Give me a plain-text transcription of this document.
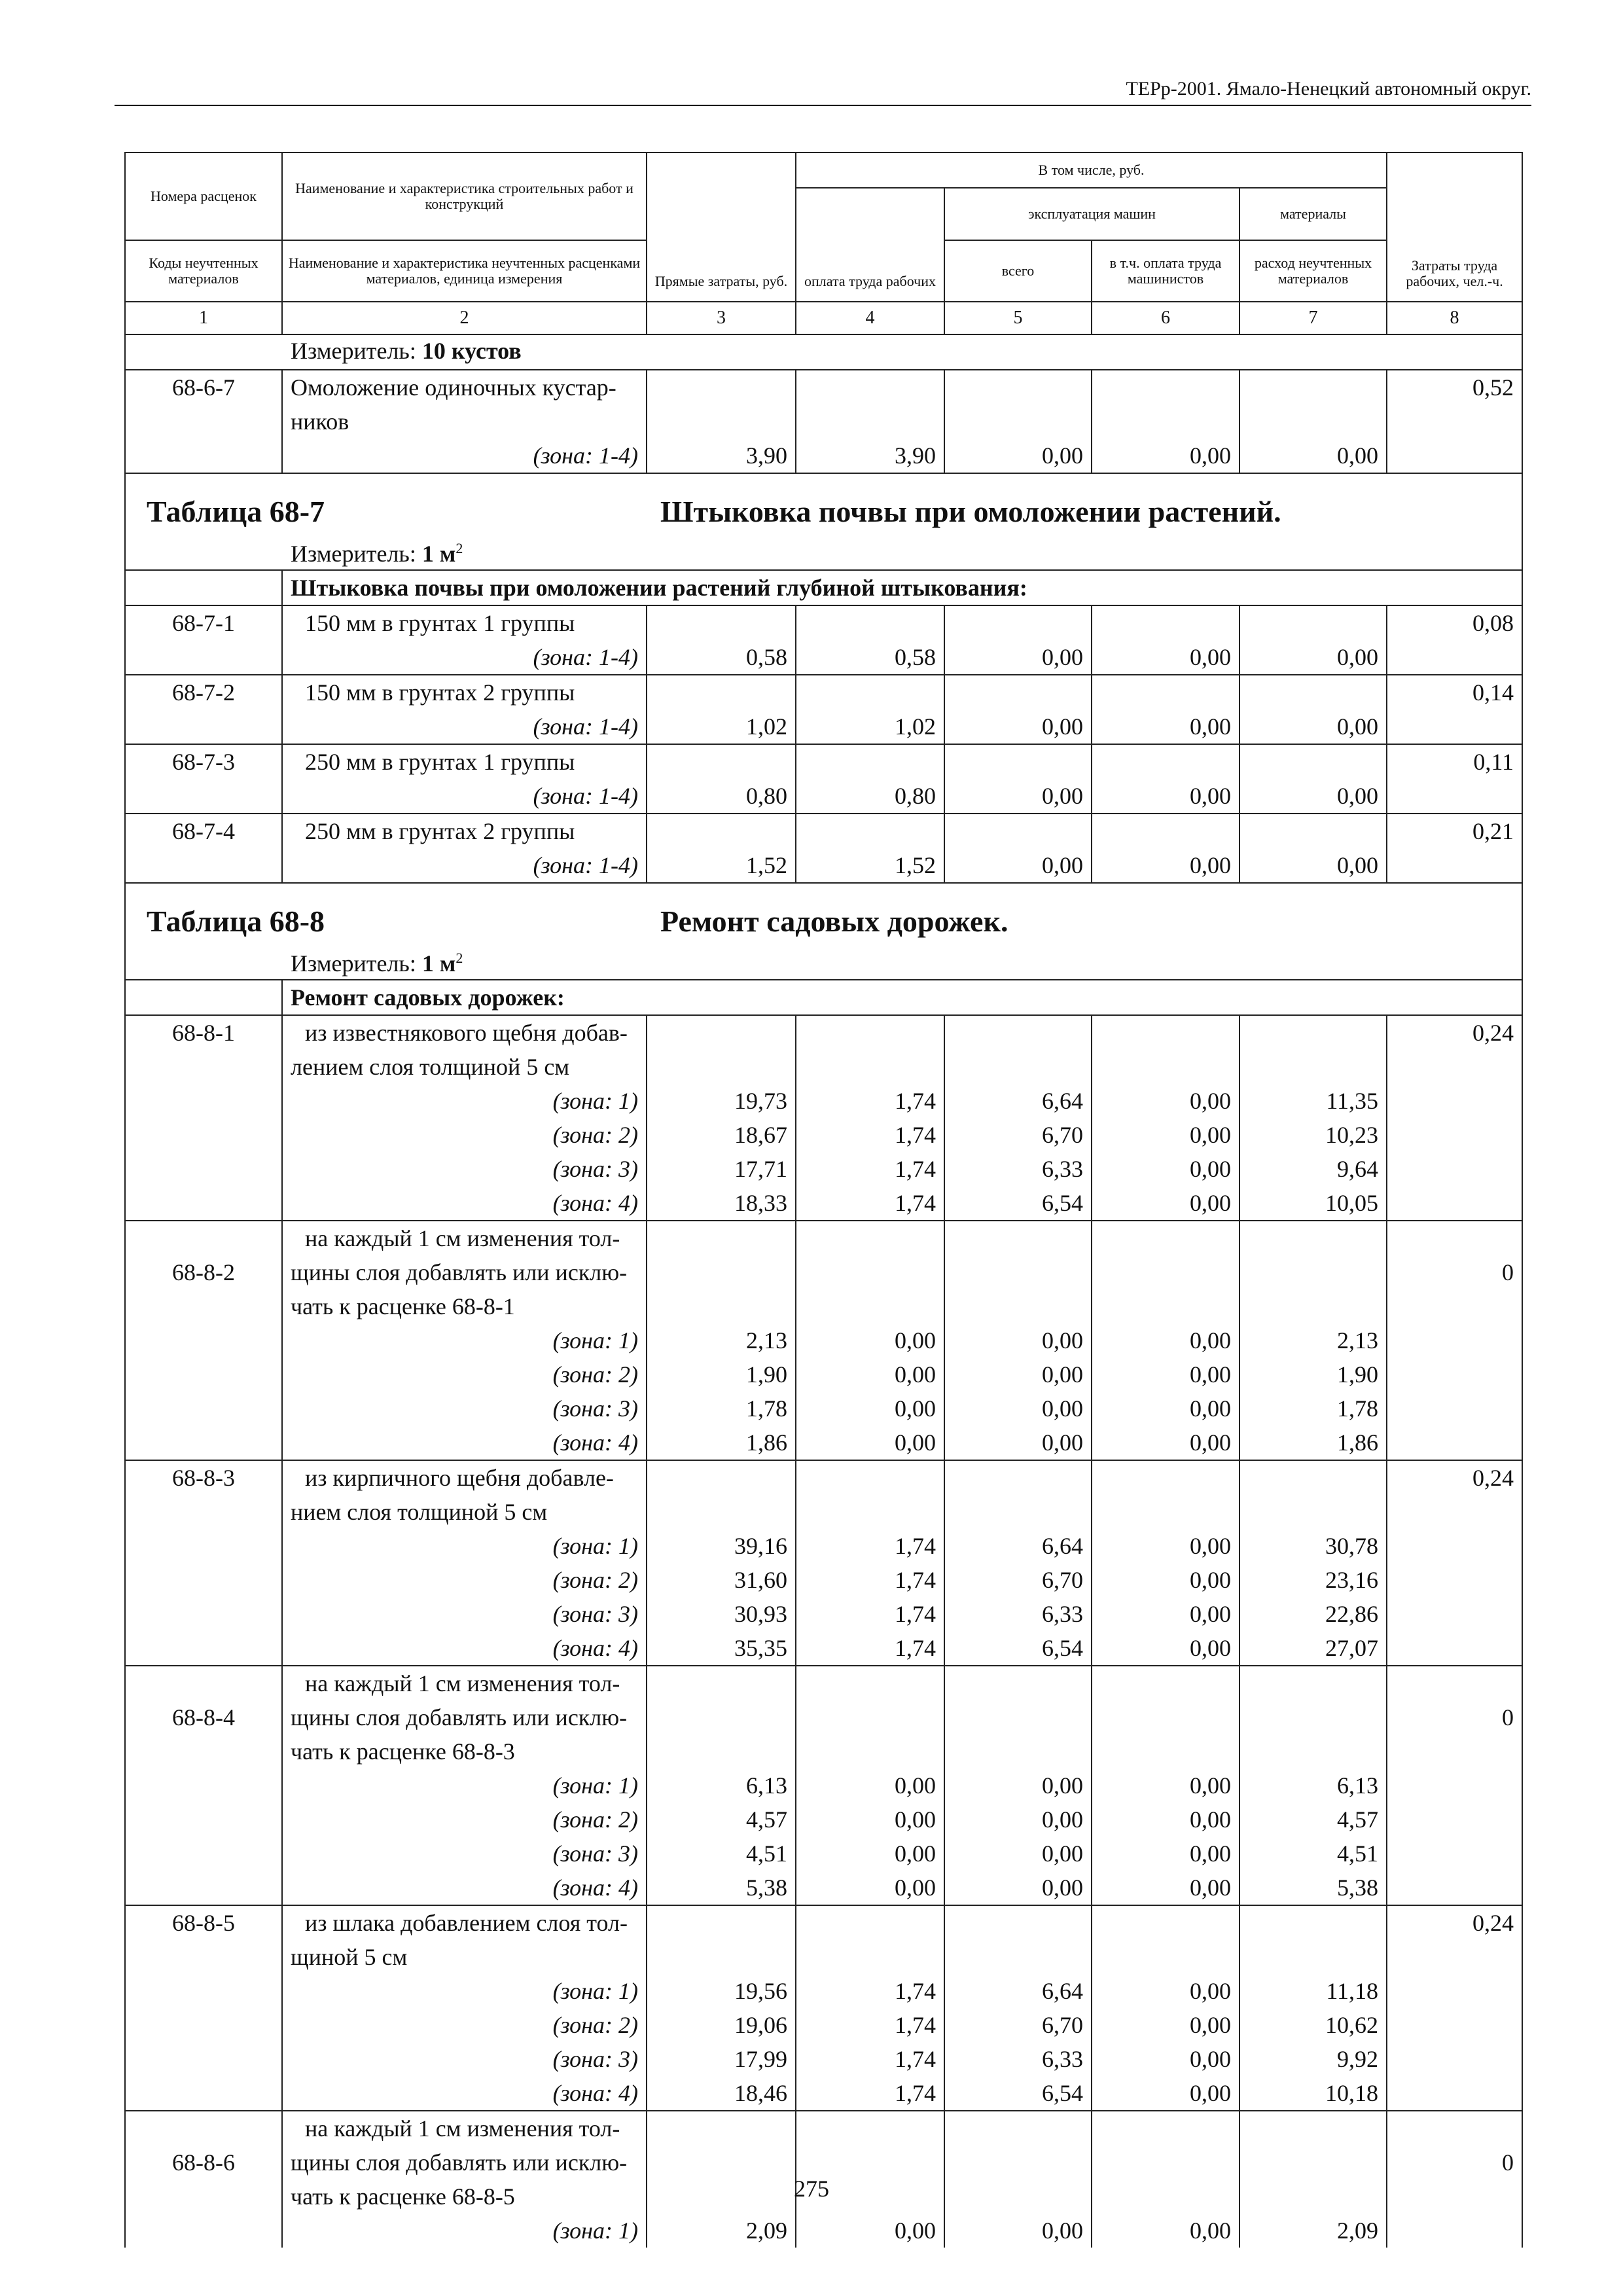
ТЕРр-2001. Ямало-Ненецкий автономный округ.
Номера расценок	Наименование и характеристика строительных работ и конструкций	Прямые затраты, руб.	В том числе, руб.				Затраты труда рабочих, чел.-ч.
			оплата труда рабочих	эксплуатация машин		материалы	
Коды неучтенных материалов	Наименование и характеристика неучтенных расценками материалов, единица измерения			всего	в т.ч. оплата труда машинистов	расход неучтенных материалов	
1	2	3	4	5	6	7	8

Измеритель: 10 кустов							

68-6-7	Омоложение одиночных кустар-						0,52
	ников						
	(зона: 1-4)	3,90	3,90	0,00	0,00	0,00	

Таблица 68-7 Штыковка почвы при омоложении растений.							

Измеритель: 1 $м^2$

	Штыковка почвы при омоложении растений глубиной штыкования:						
68-7-1	150 мм в грунтах 1 группы						0,08
	(зона: 1-4)	0,58	0,58	0,00	0,00	0,00	
68-7-2	150 мм в грунтах 2 группы						0,14
	(зона: 1-4)	1,02	1,02	0,00	0,00	0,00	
68-7-3	250 мм в грунтах 1 группы						0,11
	(зона: 1-4)	0,80	0,80	0,00	0,00	0,00	
68-7-4	250 мм в грунтах 2 группы						0,21
	(зона: 1-4)	1,52	1,52	0,00	0,00	0,00	

Таблица 68-8 Ремонт садовых дорожек.							

Измеритель: 1 $м^2$

	Ремонт садовых дорожек:						
68-8-1	из известнякового щебня добав-						0,24
	лением слоя толщиной 5 см						
	(зона: 1)	19,73	1,74	6,64	0,00	11,35	
	(зона: 2)	18,67	1,74	6,70	0,00	10,23	
	(зона: 3)	17,71	1,74	6,33	0,00	9,64	
	(зона: 4)	18,33	1,74	6,54	0,00	10,05	
	на каждый 1 см изменения тол-						
68-8-2	щины слоя добавлять или исклю-						0
	чать к расценке 68-8-1						
	(зона: 1)	2,13	0,00	0,00	0,00	2,13	
	(зона: 2)	1,90	0,00	0,00	0,00	1,90	
	(зона: 3)	1,78	0,00	0,00	0,00	1,78	
	(зона: 4)	1,86	0,00	0,00	0,00	1,86	
68-8-3	из кирпичного щебня добавле-						0,24
	нием слоя толщиной 5 см						
	(зона: 1)	39,16	1,74	6,64	0,00	30,78	
	(зона: 2)	31,60	1,74	6,70	0,00	23,16	
	(зона: 3)	30,93	1,74	6,33	0,00	22,86	
	(зона: 4)	35,35	1,74	6,54	0,00	27,07	
	на каждый 1 см изменения тол-						
68-8-4	щины слоя добавлять или исклю-						0
	чать к расценке 68-8-3						
	(зона: 1)	6,13	0,00	0,00	0,00	6,13	
	(зона: 2)	4,57	0,00	0,00	0,00	4,57	
	(зона: 3)	4,51	0,00	0,00	0,00	4,51	
	(зона: 4)	5,38	0,00	0,00	0,00	5,38	
68-8-5	из шлака добавлением слоя тол-						0,24
	щиной 5 см						
	(зона: 1)	19,56	1,74	6,64	0,00	11,18	
	(зона: 2)	19,06	1,74	6,70	0,00	10,62	
	(зона: 3)	17,99	1,74	6,33	0,00	9,92	
	(зона: 4)	18,46	1,74	6,54	0,00	10,18	
	на каждый 1 см изменения тол-						
68-8-6	щины слоя добавлять или исклю-						0
	чать к расценке 68-8-5						
	(зона: 1)	2,09	0,00	0,00	0,00	2,09	
275
